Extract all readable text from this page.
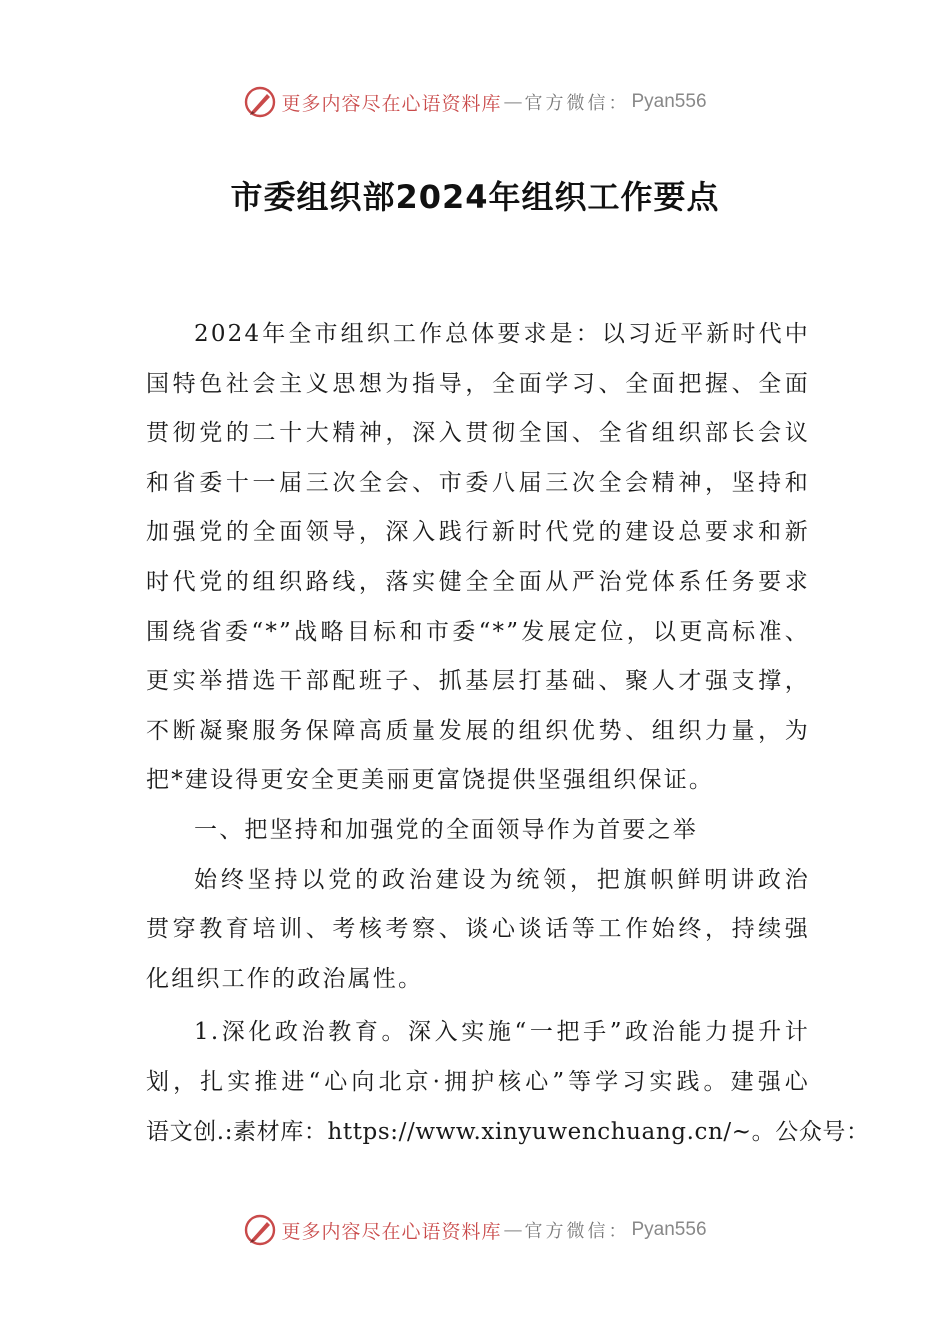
更多内容尽在心语资料库 — 官方微信： Pyan556
市委组织部2024年组织工作要点
2024年全市组织工作总体要求是：以习近平新时代中
国特色社会主义思想为指导，全面学习、全面把握、全面
贯彻党的二十大精神，深入贯彻全国、全省组织部长会议
和省委十一届三次全会、市委八届三次全会精神，坚持和
加强党的全面领导，深入践行新时代党的建设总要求和新
时代党的组织路线，落实健全全面从严治党体系任务要求
围绕省委“*”战略目标和市委“*”发展定位，以更高标准、
更实举措选干部配班子、抓基层打基础、聚人才强支撑，
不断凝聚服务保障高质量发展的组织优势、组织力量，为
把*建设得更安全更美丽更富饶提供坚强组织保证。
一、把坚持和加强党的全面领导作为首要之举
始终坚持以党的政治建设为统领，把旗帜鲜明讲政治
贯穿教育培训、考核考察、谈心谈话等工作始终，持续强
化组织工作的政治属性。
1.深化政治教育。深入实施“一把手”政治能力提升计
划，扎实推进“心向北京·拥护核心”等学习实践。建强心
语文创.:素材库：https://www.xinyuwenchuang.cn/~。公众号：
更多内容尽在心语资料库 — 官方微信： Pyan556
